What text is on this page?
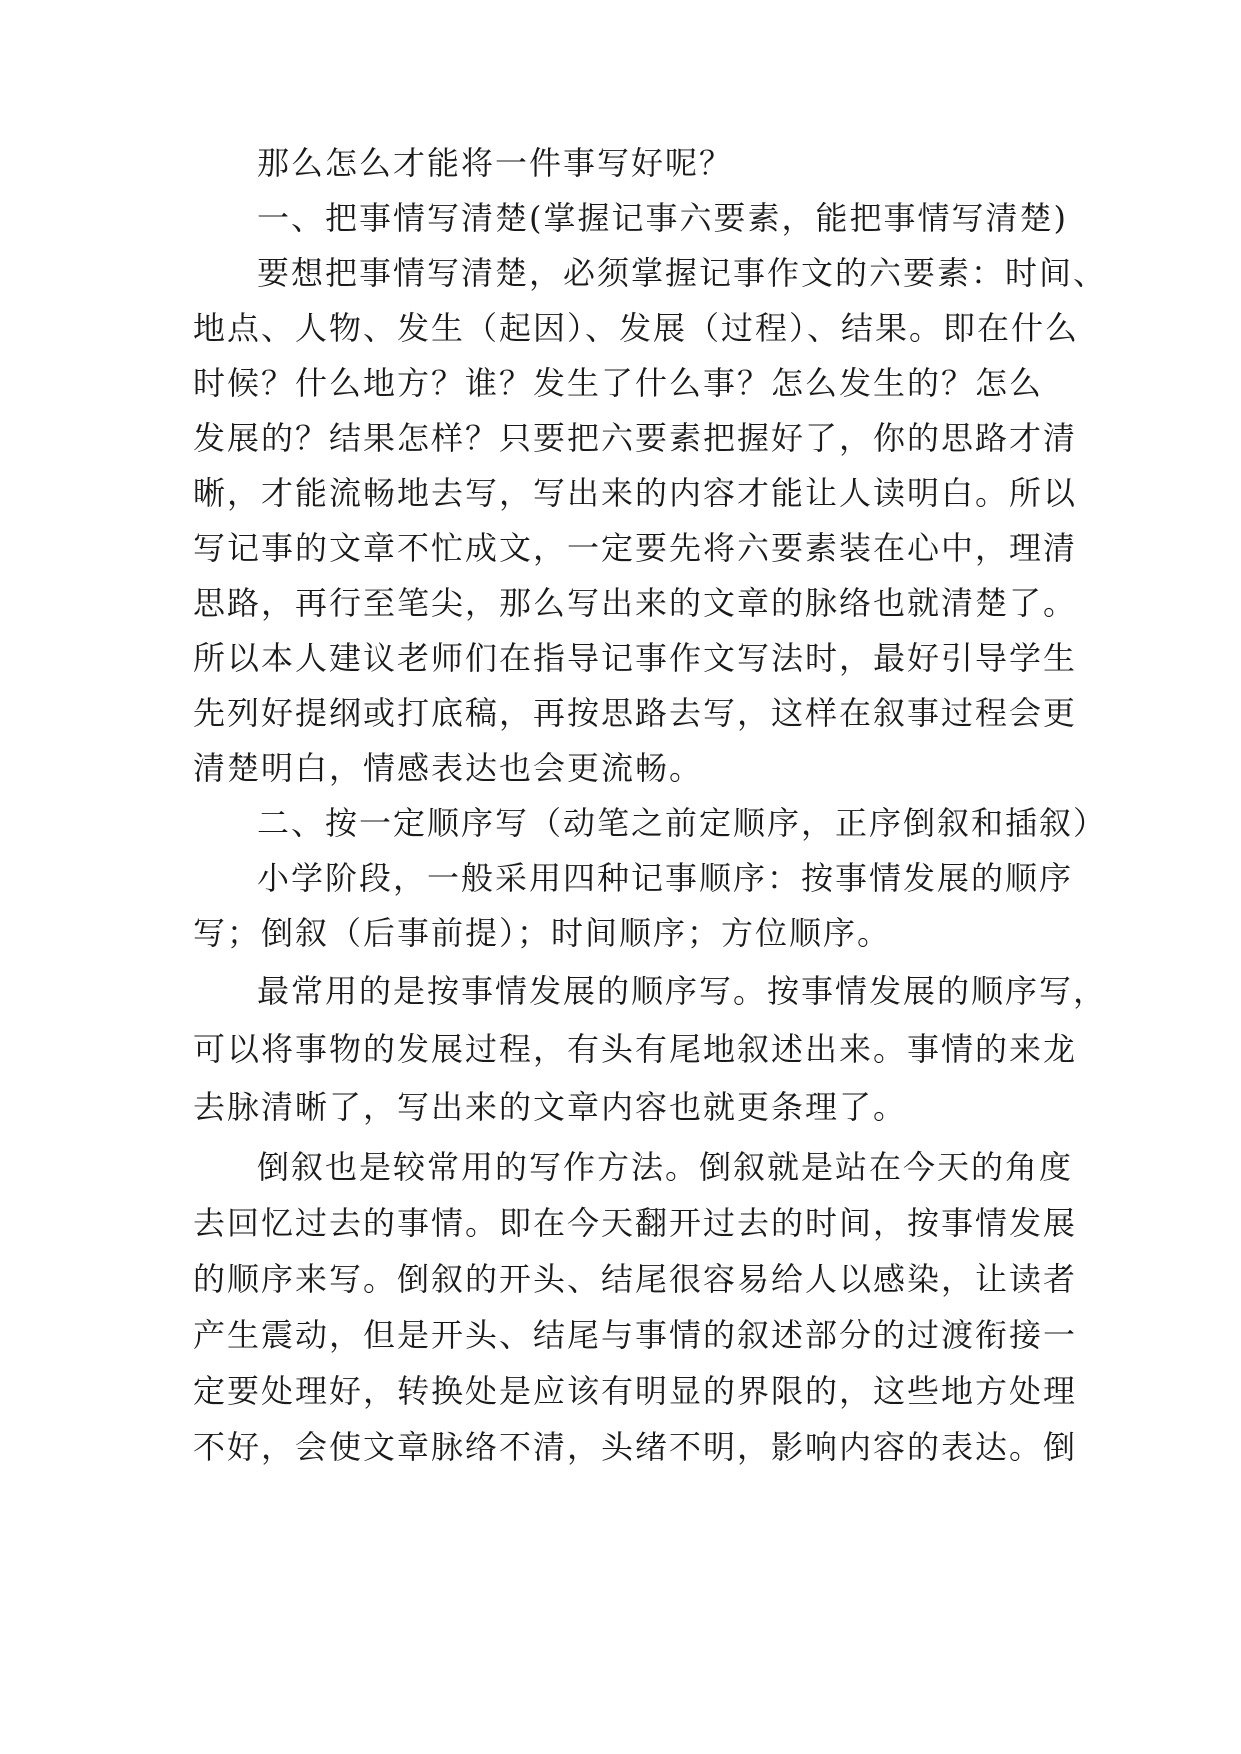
那么怎么才能将一件事写好呢？
一、把事情写清楚(掌握记事六要素，能把事情写清楚)
要想把事情写清楚，必须掌握记事作文的六要素：时间、
地点、人物、发生（起因）、发展（过程）、结果。即在什么
时候？什么地方？谁？发生了什么事？怎么发生的？怎么
发展的？结果怎样？只要把六要素把握好了，你的思路才清
晰，才能流畅地去写，写出来的内容才能让人读明白。所以
写记事的文章不忙成文，一定要先将六要素装在心中，理清
思路，再行至笔尖，那么写出来的文章的脉络也就清楚了。
所以本人建议老师们在指导记事作文写法时，最好引导学生
先列好提纲或打底稿，再按思路去写，这样在叙事过程会更
清楚明白，情感表达也会更流畅。
二、按一定顺序写（动笔之前定顺序，正序倒叙和插叙）
小学阶段，一般采用四种记事顺序：按事情发展的顺序
写；倒叙（后事前提）；时间顺序；方位顺序。
最常用的是按事情发展的顺序写。按事情发展的顺序写，
可以将事物的发展过程，有头有尾地叙述出来。事情的来龙
去脉清晰了，写出来的文章内容也就更条理了。
倒叙也是较常用的写作方法。倒叙就是站在今天的角度
去回忆过去的事情。即在今天翻开过去的时间，按事情发展
的顺序来写。倒叙的开头、结尾很容易给人以感染，让读者
产生震动，但是开头、结尾与事情的叙述部分的过渡衔接一
定要处理好，转换处是应该有明显的界限的，这些地方处理
不好，会使文章脉络不清，头绪不明，影响内容的表达。倒
